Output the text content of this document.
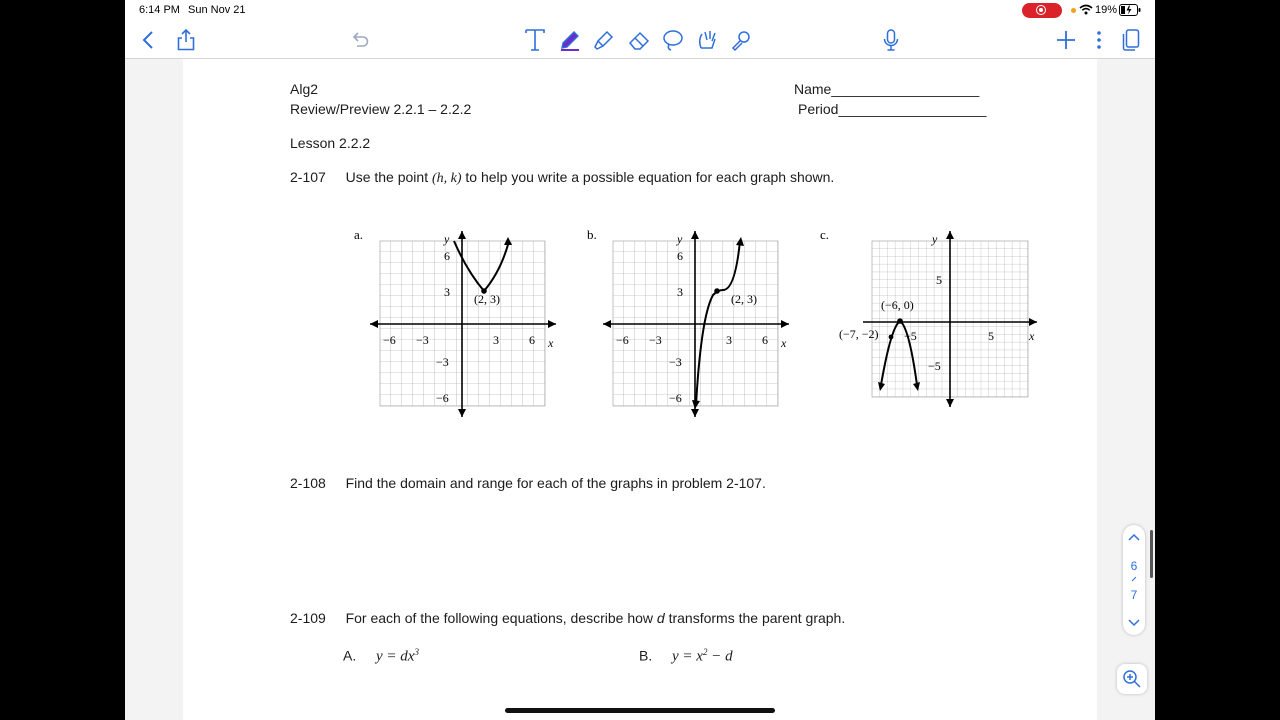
6:14 PM Sun Nov 21	19%
Alg2
Review/Preview 2.2.1 – 2.2.2
Name___________________
Period___________________
Lesson 2.2.2
2-107 Use the point (h, k) to help you write a possible equation for each graph shown.
a.
(2, 3)
y
x
−6 −3	3	6
6
3
−3
−6
b.
(2, 3)
y
x
−6 −3	3	6
6
3
−3
−6
c.
(−6, 0)
(−7, −2)
y
x
−5	5
5
−5
2-108 Find the domain and range for each of the graphs in problem 2-107.
2-109 For each of the following equations, describe how d transforms the parent graph.
A. $y = dx^3$	B. $y = x^2 - d$
6
7
